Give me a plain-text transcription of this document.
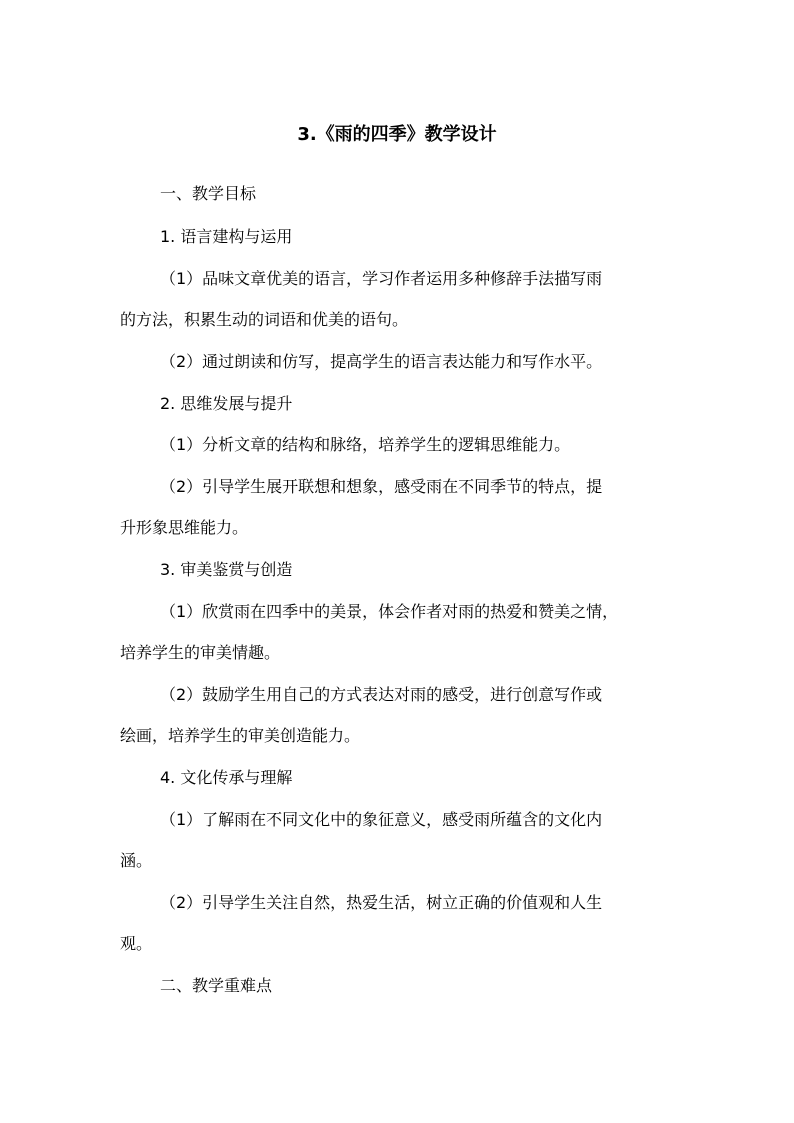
3.《雨的四季》教学设计
一、教学目标
1. 语言建构与运用
（1）品味文章优美的语言，学习作者运用多种修辞手法描写雨
的方法，积累生动的词语和优美的语句。
（2）通过朗读和仿写，提高学生的语言表达能力和写作水平。
2. 思维发展与提升
（1）分析文章的结构和脉络，培养学生的逻辑思维能力。
（2）引导学生展开联想和想象，感受雨在不同季节的特点，提
升形象思维能力。
3. 审美鉴赏与创造
（1）欣赏雨在四季中的美景，体会作者对雨的热爱和赞美之情，
培养学生的审美情趣。
（2）鼓励学生用自己的方式表达对雨的感受，进行创意写作或
绘画，培养学生的审美创造能力。
4. 文化传承与理解
（1）了解雨在不同文化中的象征意义，感受雨所蕴含的文化内
涵。
（2）引导学生关注自然，热爱生活，树立正确的价值观和人生
观。
二、教学重难点
